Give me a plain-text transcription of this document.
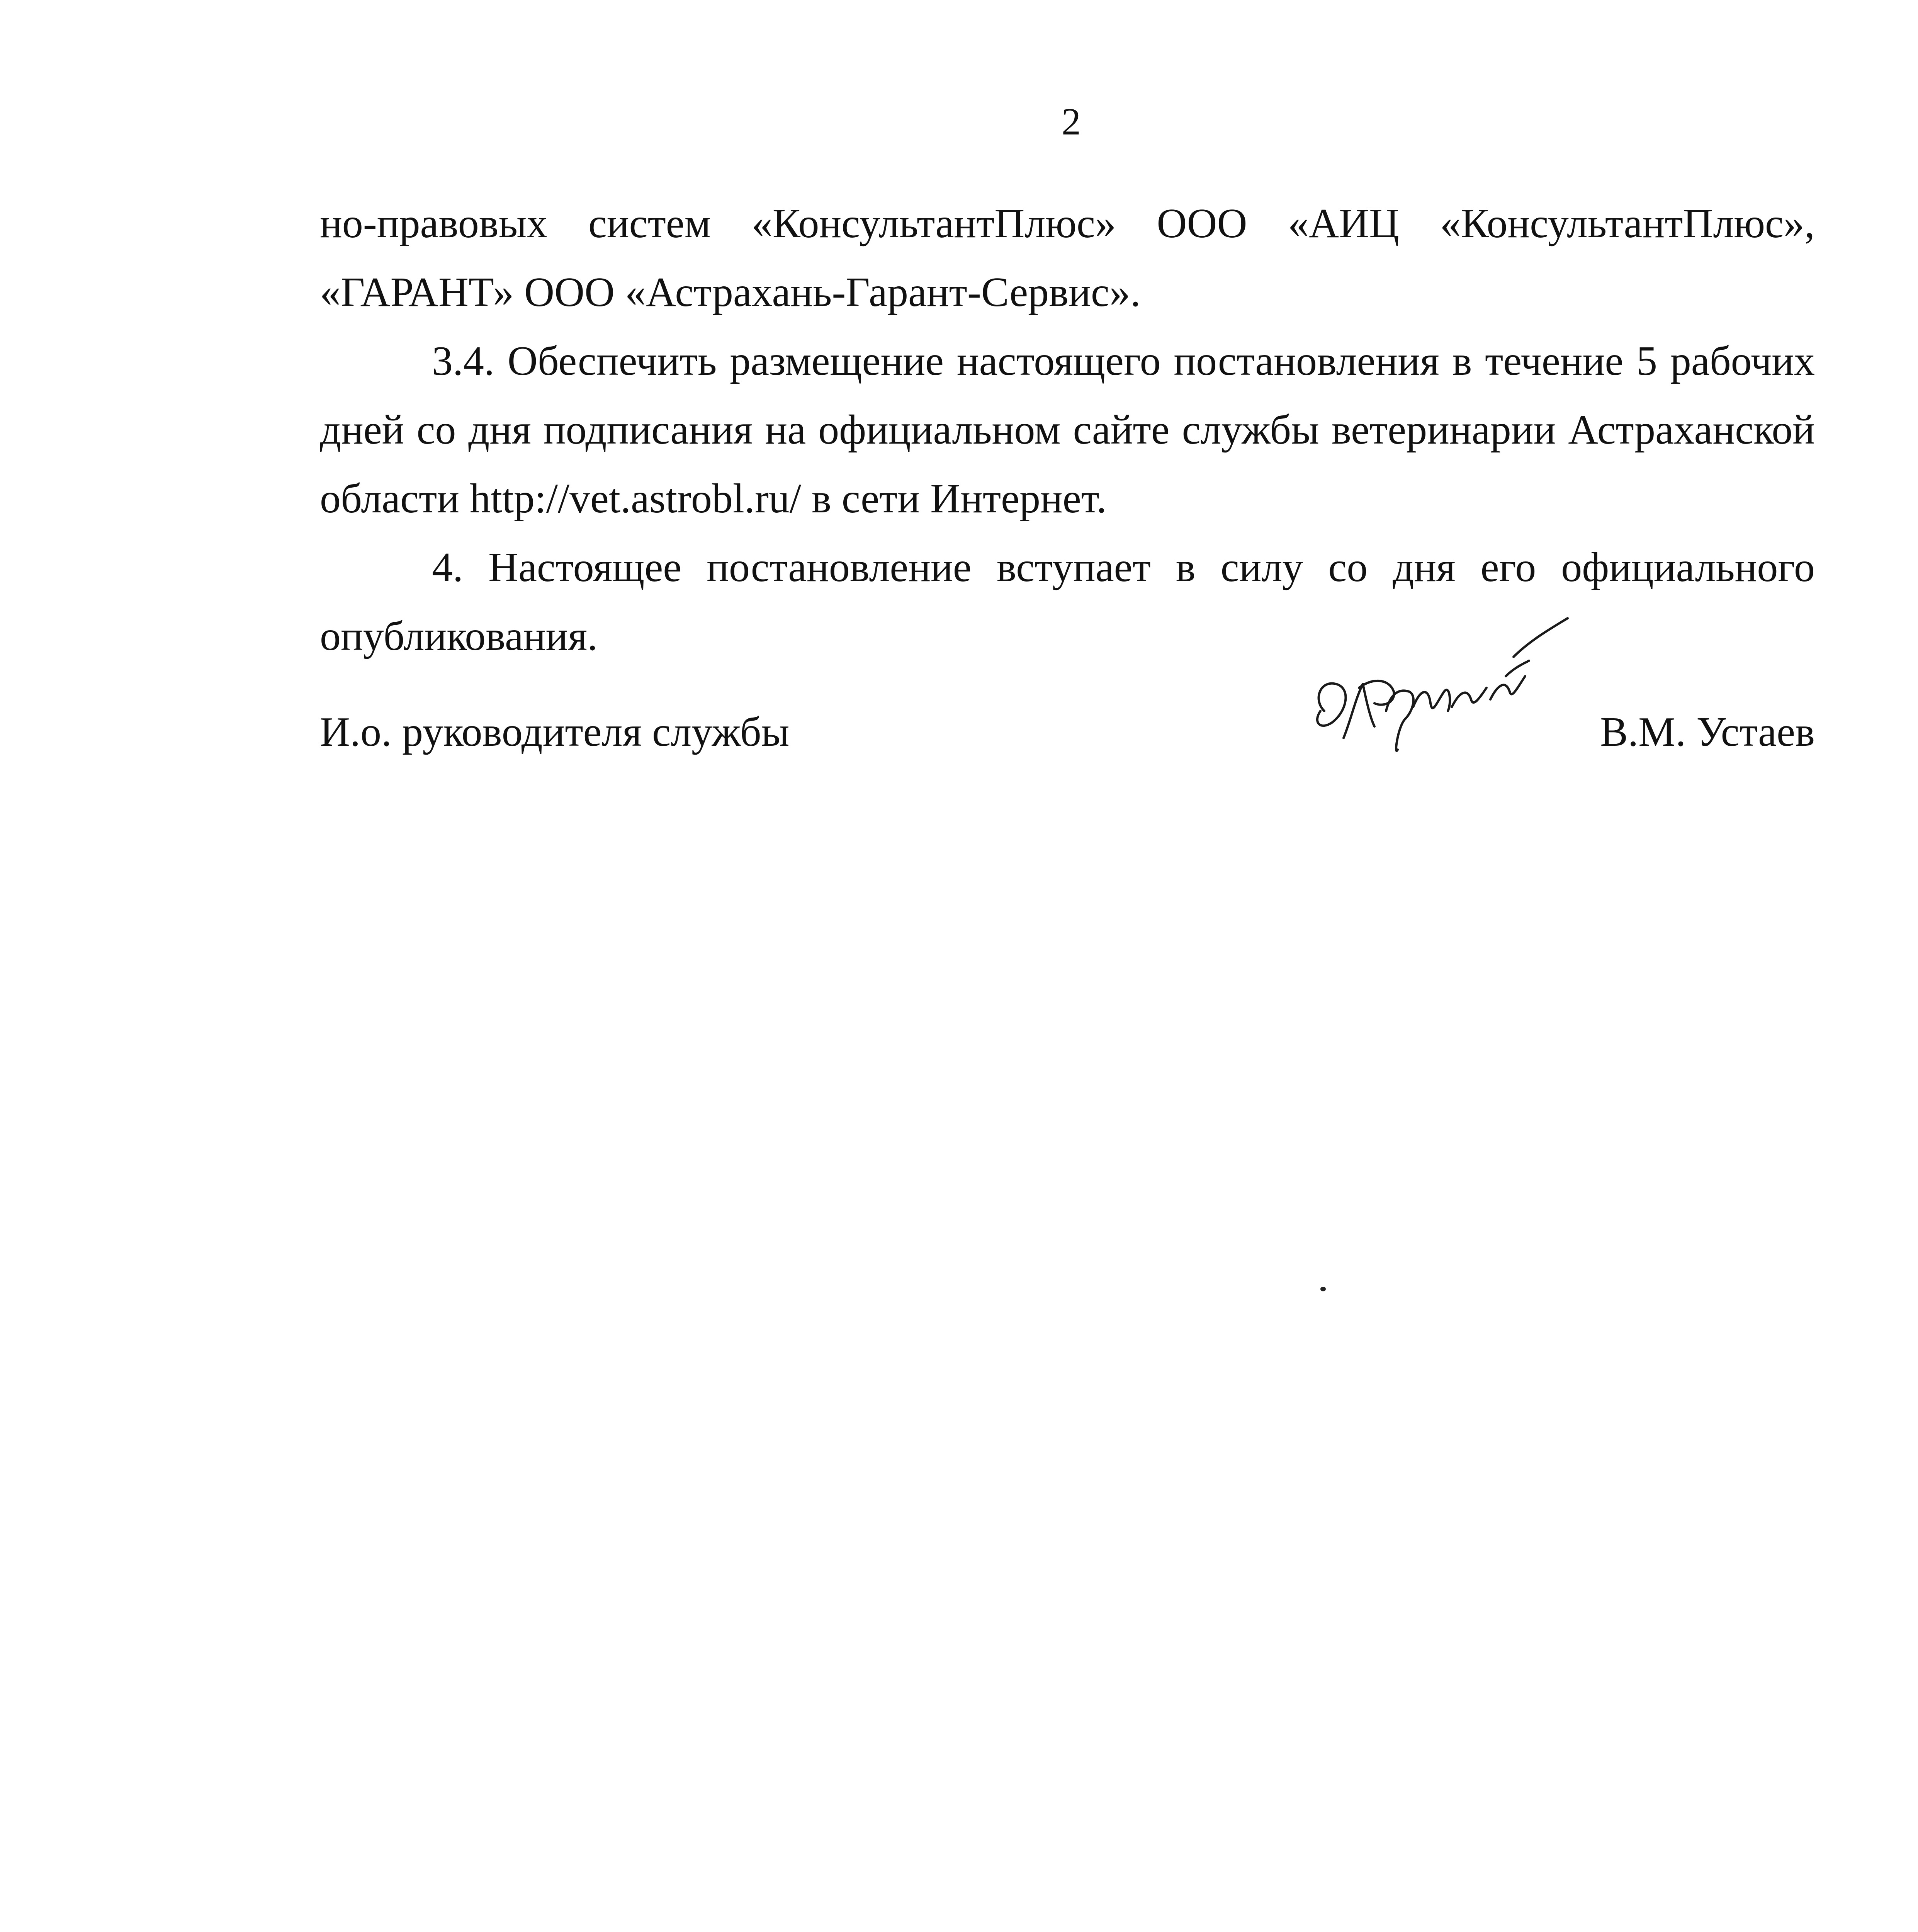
2

но-правовых систем «КонсультантПлюс» ООО «АИЦ «КонсультантПлюс», «ГАРАНТ» ООО «Астрахань-Гарант-Сервис».

3.4. Обеспечить размещение настоящего постановления в течение 5 рабочих дней со дня подписания на официальном сайте службы ветеринарии Астраханской области http://vet.astrobl.ru/ в сети Интернет.

4. Настоящее постановление вступает в силу со дня его официального опубликования.

И.о. руководителя службы	В.М. Устаев
